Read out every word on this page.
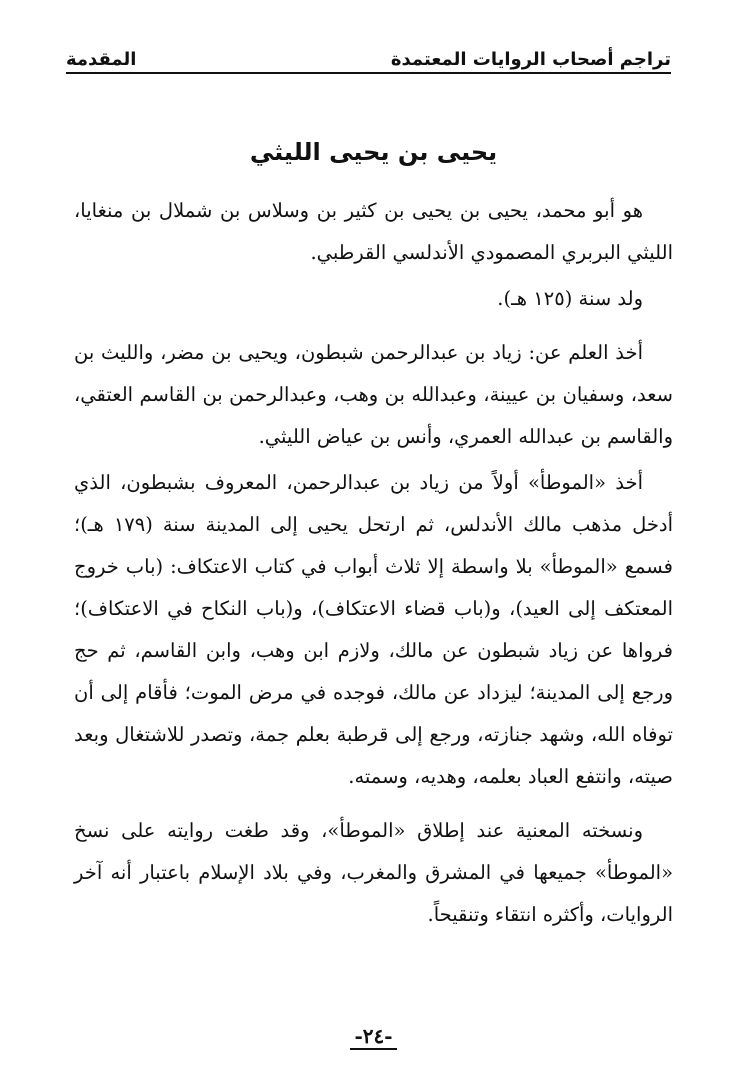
تراجم أصحاب الروايات المعتمدة
المقدمة
يحيى بن يحيى الليثي

هو أبو محمد، يحيى بن يحيى بن كثير بن وسلاس بن شملال بن منغايا، الليثي البربري المصمودي الأندلسي القرطبي.

ولد سنة (١٢٥ هـ).

أخذ العلم عن: زياد بن عبدالرحمن شبطون، ويحيى بن مضر، والليث بن سعد، وسفيان بن عيينة، وعبدالله بن وهب، وعبدالرحمن بن القاسم العتقي، والقاسم بن عبدالله العمري، وأنس بن عياض الليثي.

أخذ «الموطأ» أولاً من زياد بن عبدالرحمن، المعروف بشبطون، الذي أدخل مذهب مالك الأندلس، ثم ارتحل يحيى إلى المدينة سنة (١٧٩ هـ)؛ فسمع «الموطأ» بلا واسطة إلا ثلاث أبواب في كتاب الاعتكاف: (باب خروج المعتكف إلى العيد)، و(باب قضاء الاعتكاف)، و(باب النكاح في الاعتكاف)؛ فرواها عن زياد شبطون عن مالك، ولازم ابن وهب، وابن القاسم، ثم حج ورجع إلى المدينة؛ ليزداد عن مالك، فوجده في مرض الموت؛ فأقام إلى أن توفاه الله، وشهد جنازته، ورجع إلى قرطبة بعلم جمة، وتصدر للاشتغال وبعد صيته، وانتفع العباد بعلمه، وهديه، وسمته.

ونسخته المعنية عند إطلاق «الموطأ»، وقد طغت روايته على نسخ «الموطأ» جميعها في المشرق والمغرب، وفي بلاد الإسلام باعتبار أنه آخر الروايات، وأكثره انتقاء وتنقيحاً.

-٢٤-
